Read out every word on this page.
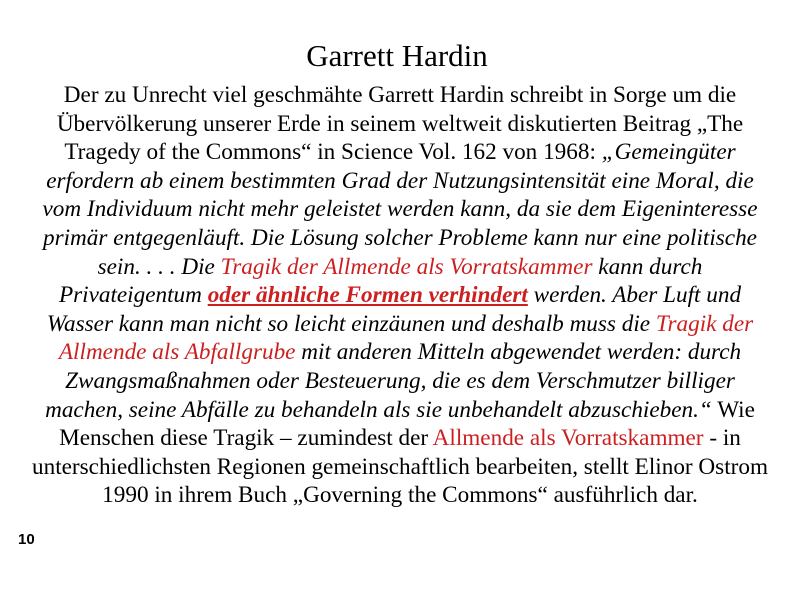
Garrett Hardin
Der zu Unrecht viel geschmähte Garrett Hardin schreibt in Sorge um die Übervölkerung unserer Erde in seinem weltweit diskutierten Beitrag „The Tragedy of the Commons“ in Science Vol. 162 von 1968: „Gemeingüter erfordern ab einem bestimmten Grad der Nutzungsintensität eine Moral, die vom Individuum nicht mehr geleistet werden kann, da sie dem Eigeninteresse primär entgegenläuft. Die Lösung solcher Probleme kann nur eine politische sein. . . . Die Tragik der Allmende als Vorratskammer kann durch Privateigentum oder ähnliche Formen verhindert werden. Aber Luft und Wasser kann man nicht so leicht einzäunen und deshalb muss die Tragik der Allmende als Abfallgrube mit anderen Mitteln abgewendet werden: durch Zwangsmaßnahmen oder Besteuerung, die es dem Verschmutzer billiger machen, seine Abfälle zu behandeln als sie unbehandelt abzuschieben.“ Wie Menschen diese Tragik – zumindest der Allmende als Vorratskammer - in unterschiedlichsten Regionen gemeinschaftlich bearbeiten, stellt Elinor Ostrom 1990 in ihrem Buch „Governing the Commons“ ausführlich dar.
10
